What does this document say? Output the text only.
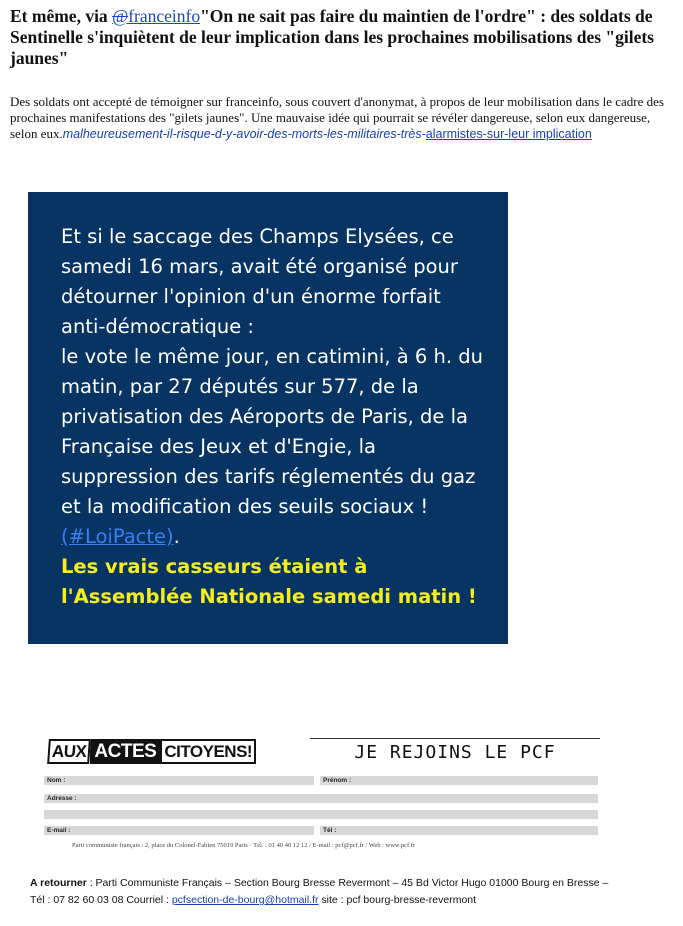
Et même, via @franceinfo"On ne sait pas faire du maintien de l'ordre" : des soldats de Sentinelle s'inquiètent de leur implication dans les prochaines mobilisations des "gilets jaunes"
Des soldats ont accepté de témoigner sur franceinfo, sous couvert d'anonymat, à propos de leur mobilisation dans le cadre des prochaines manifestations des "gilets jaunes". Une mauvaise idée qui pourrait se révéler dangereuse, selon eux dangereuse, selon eux.malheureusement-il-risque-d-y-avoir-des-morts-les-militaires-très-alarmistes-sur-leur implication

Et si le saccage des Champs Elysées, ce samedi 16 mars, avait été organisé pour détourner l'opinion d'un énorme forfait anti-démocratique :

le vote le même jour, en catimini, à 6 h. du matin, par 27 députés sur 577, de la privatisation des Aéroports de Paris, de la Française des Jeux et d'Engie, la suppression des tarifs réglementés du gaz et la modification des seuils sociaux !

(#LoiPacte).

Les vrais casseurs étaient à l'Assemblée Nationale samedi matin !

AUX ACTES CITOYENS!	JE REJOINS LE PCF
Nom :	Prénom :
Adresse :
E-mail :	Tél :
Parti communiste français : 2, place du Colonel-Fabien 75019 Paris · Tél. : 01 40 40 12 12 / E-mail : pcf@pcf.fr / Web : www.pcf.fr
A retourner : Parti Communiste Français – Section Bourg Bresse Revermont – 45 Bd Victor Hugo 01000 Bourg en Bresse –
Tél : 07 82 60 03 08 Courriel : pcfsection-de-bourg@hotmail.fr site : pcf bourg-bresse-revermont
